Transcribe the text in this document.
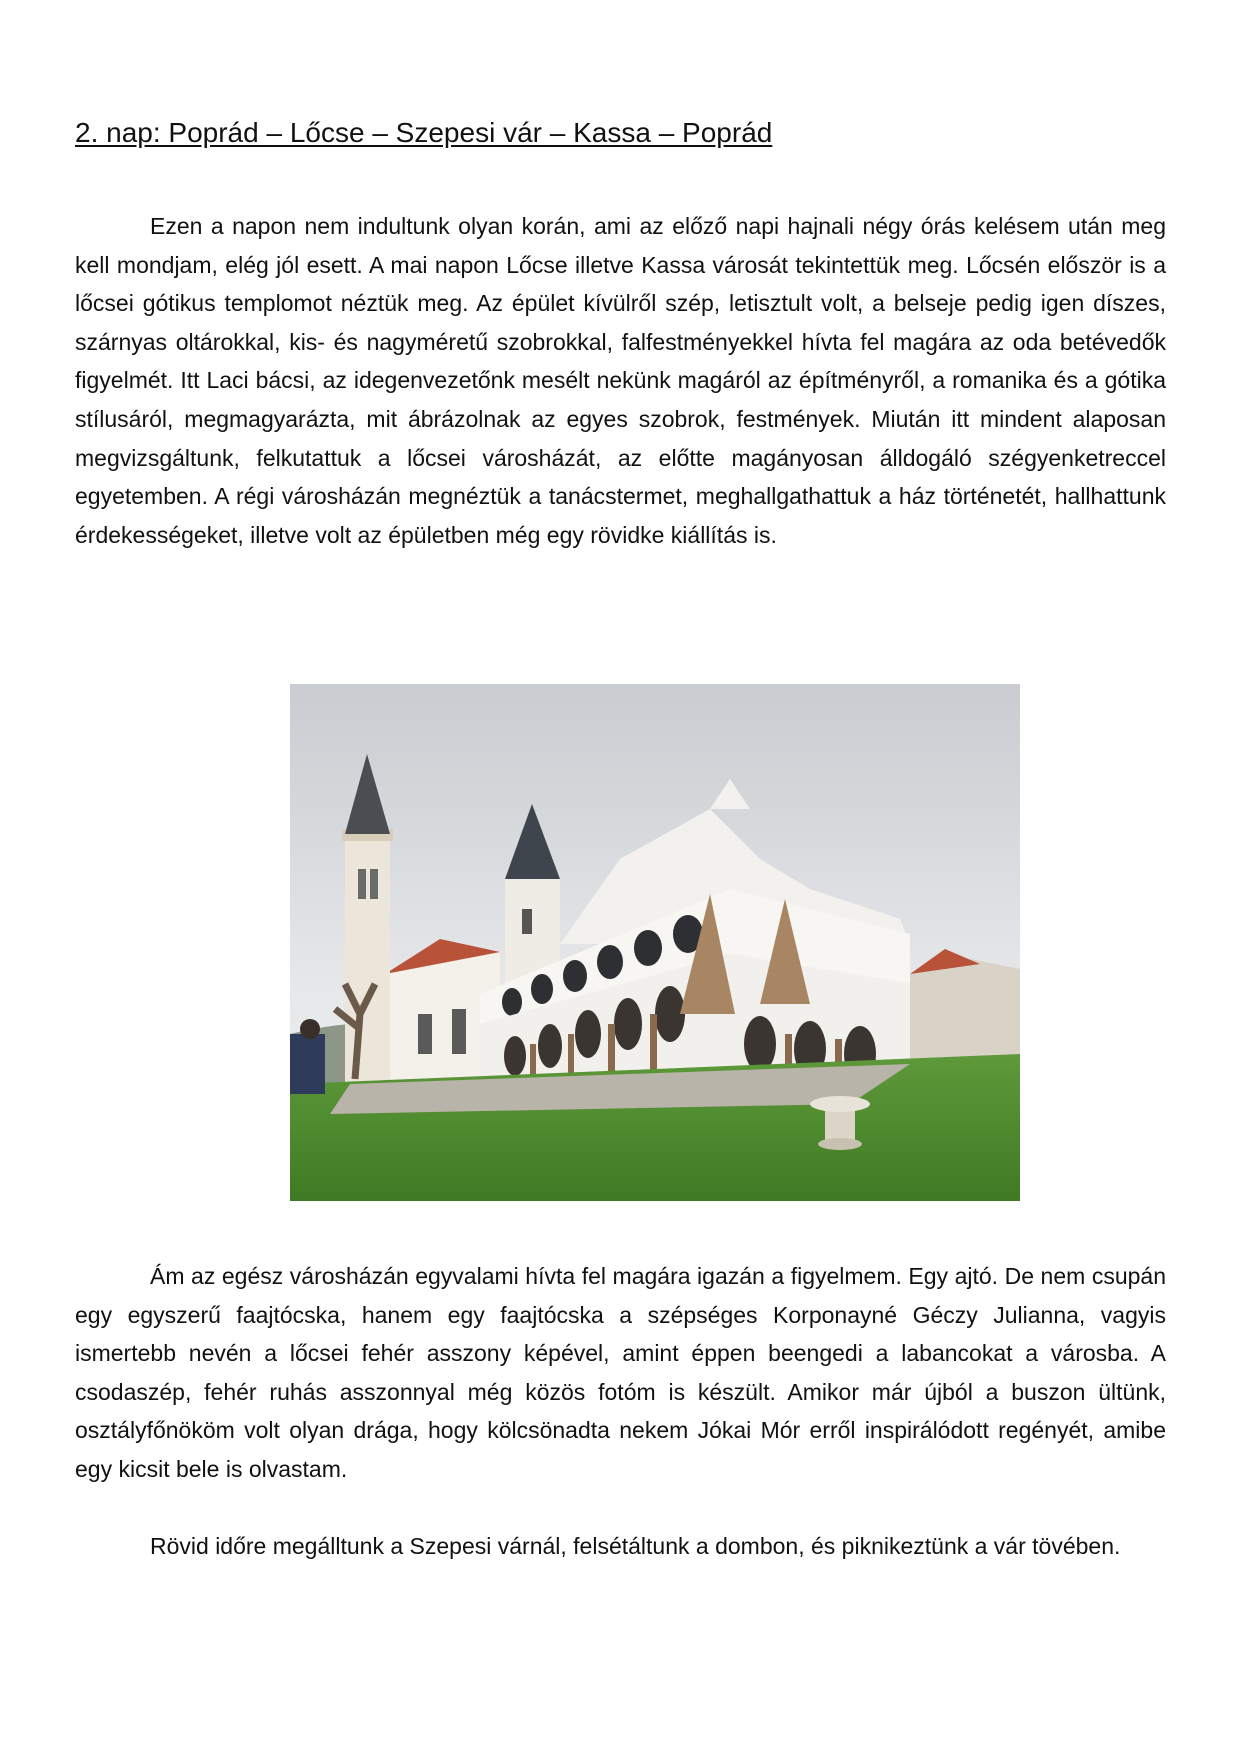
2. nap: Poprád – Lőcse – Szepesi vár – Kassa – Poprád

Ezen a napon nem indultunk olyan korán, ami az előző napi hajnali négy órás kelésem után meg kell mondjam, elég jól esett. A mai napon Lőcse illetve Kassa városát tekintettük meg. Lőcsén először is a lőcsei gótikus templomot néztük meg. Az épület kívülről szép, letisztult volt, a belseje pedig igen díszes, szárnyas oltárokkal, kis- és nagyméretű szobrokkal, falfestményekkel hívta fel magára az oda betévedők figyelmét. Itt Laci bácsi, az idegenvezetőnk mesélt nekünk magáról az építményről, a romanika és a gótika stílusáról, megmagyarázta, mit ábrázolnak az egyes szobrok, festmények. Miután itt mindent alaposan megvizsgáltunk, felkutattuk a lőcsei városházát, az előtte magányosan álldogáló szégyenketreccel egyetemben. A régi városházán megnéztük a tanácstermet, meghallgathattuk a ház történetét, hallhattunk érdekességeket, illetve volt az épületben még egy rövidke kiállítás is.

Ám az egész városházán egyvalami hívta fel magára igazán a figyelmem. Egy ajtó. De nem csupán egy egyszerű faajtócska, hanem egy faajtócska a szépséges Korponayné Géczy Julianna, vagyis ismertebb nevén a lőcsei fehér asszony képével, amint éppen beengedi a labancokat a városba. A csodaszép, fehér ruhás asszonnyal még közös fotóm is készült. Amikor már újból a buszon ültünk, osztályfőnököm volt olyan drága, hogy kölcsönadta nekem Jókai Mór erről inspirálódott regényét, amibe egy kicsit bele is olvastam.

Rövid időre megálltunk a Szepesi várnál, felsétáltunk a dombon, és piknikeztünk a vár tövében.
